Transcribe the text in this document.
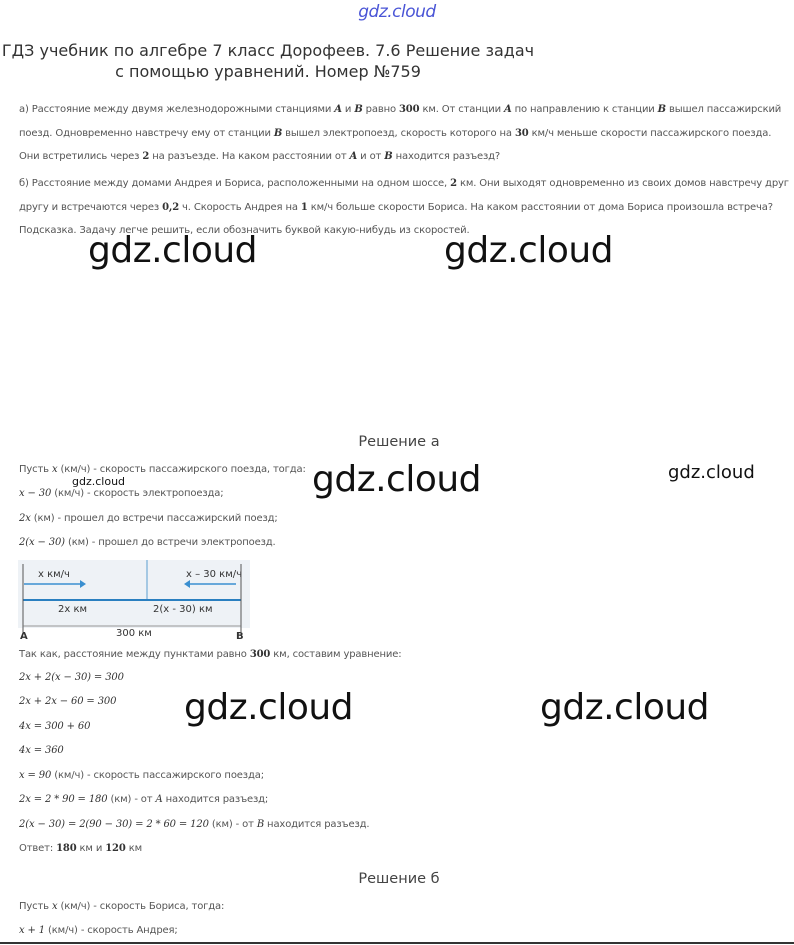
gdz.cloud
ГДЗ учебник по алгебре 7 класс Дорофеев. 7.6 Решение задач
с помощью уравнений. Номер №759
а) Расстояние между двумя железнодорожными станциями A и B равно 300 км. От станции A по направлению к станции B вышел пассажирский
поезд. Одновременно навстречу ему от станции B вышел электропоезд, скорость которого на 30 км/ч меньше скорости пассажирского поезда.
Они встретились через 2 на разъезде. На каком расстоянии от A и от B находится разъезд?
б) Расстояние между домами Андрея и Бориса, расположенными на одном шоссе, 2 км. Они выходят одновременно из своих домов навстречу друг
другу и встречаются через 0,2 ч. Скорость Андрея на 1 км/ч больше скорости Бориса. На каком расстоянии от дома Бориса произошла встреча?
Подсказка. Задачу легче решить, если обозначить буквой какую-нибудь из скоростей.
gdz.cloud	gdz.cloud
gdz.cloud	gdz.cloud
gdz.cloud
gdz.cloud	gdz.cloud
Решение а
Пусть x (км/ч) - скорость пассажирского поезда, тогда:
x − 30 (км/ч) - скорость электропоезда;
2x (км) - прошел до встречи пассажирский поезд;
2(x − 30) (км) - прошел до встречи электропоезд.
x км/ч	x – 30 км/ч
2x км	2(x - 30) км
300 км
A	B
Так как, расстояние между пунктами равно 300 км, составим уравнение:
2x + 2(x − 30) = 300
2x + 2x − 60 = 300
4x = 300 + 60
4x = 360
x = 90 (км/ч) - скорость пассажирского поезда;
2x = 2 * 90 = 180 (км) - от A находится разъезд;
2(x − 30) = 2(90 − 30) = 2 * 60 = 120 (км) - от B находится разъезд.
Ответ: 180 км и 120 км
Решение б
Пусть x (км/ч) - скорость Бориса, тогда:
x + 1 (км/ч) - скорость Андрея;
